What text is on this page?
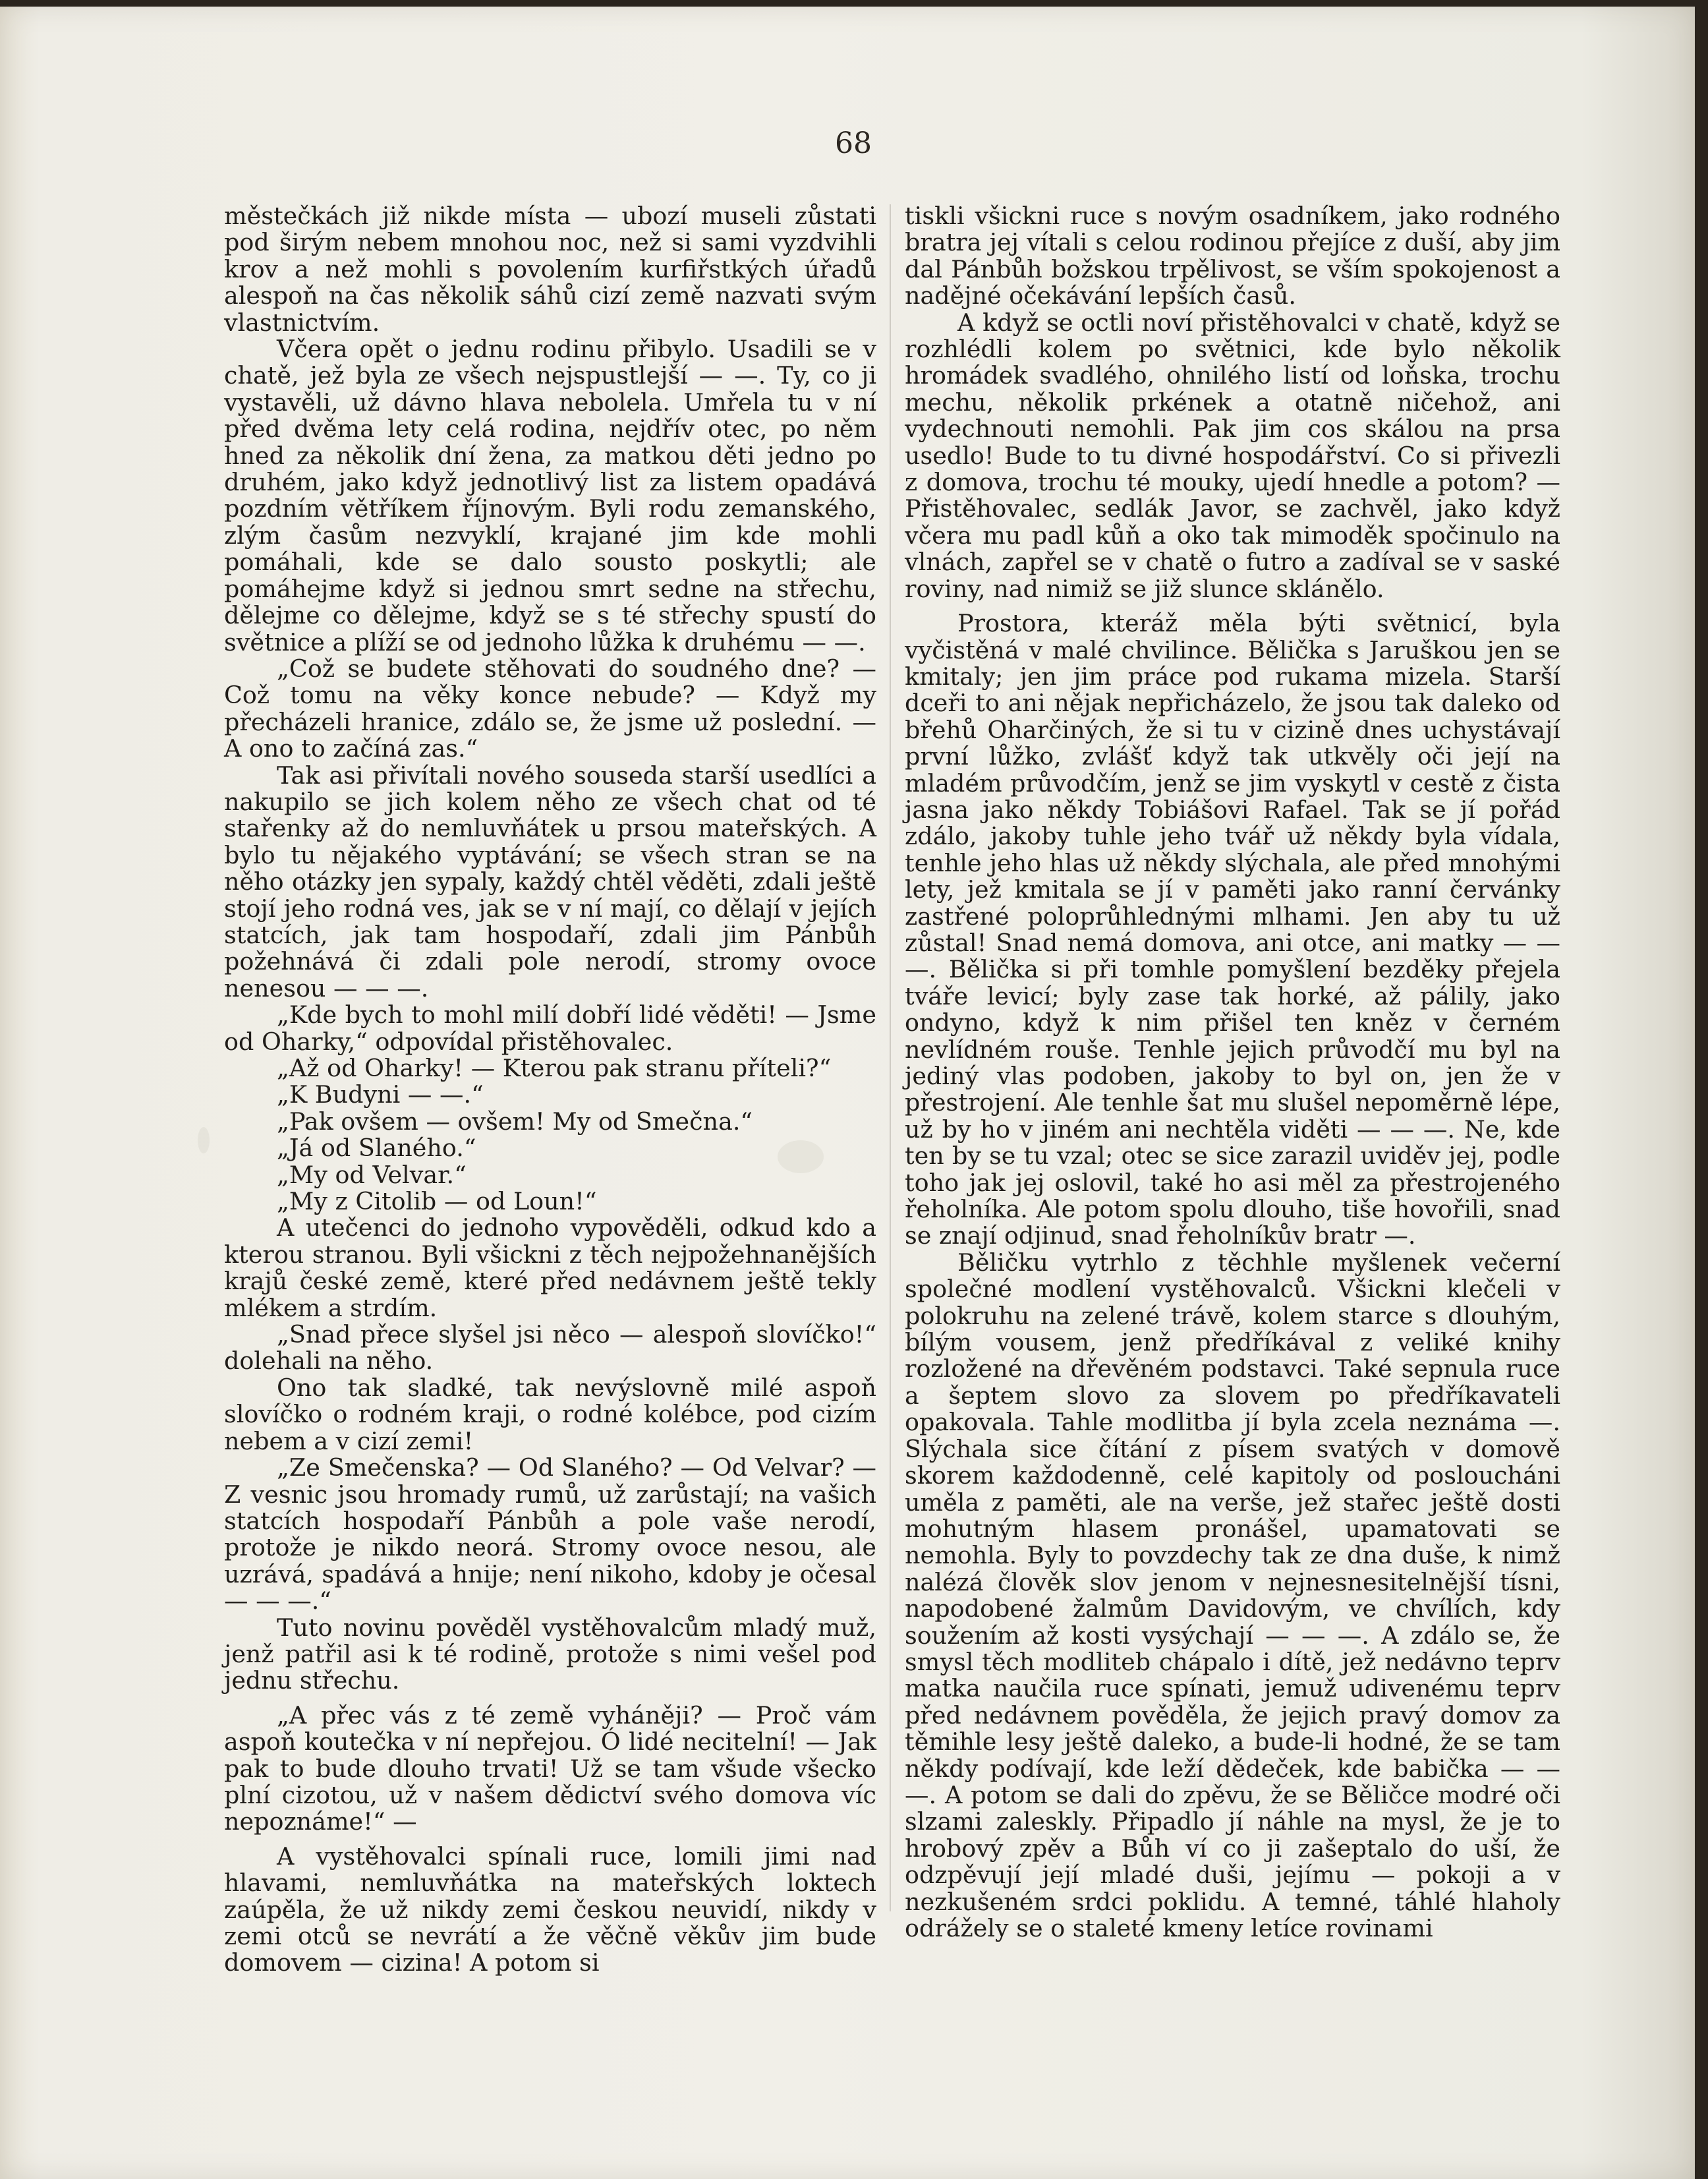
68

městečkách již nikde místa — ubozí museli zůstati pod širým nebem mnohou noc, než si sami vyzdvihli krov a než mohli s povolením kurfiřstkých úřadů alespoň na čas několik sáhů cizí země nazvati svým vlastnictvím.

Včera opět o jednu rodinu přibylo. Usadili se v chatě, jež byla ze všech nejspustlejší — —. Ty, co ji vystavěli, už dávno hlava nebolela. Umřela tu v ní před dvěma lety celá rodina, nejdřív otec, po něm hned za několik dní žena, za matkou děti jedno po druhém, jako když jednotlivý list za listem opadává pozdním větříkem říjnovým. Byli rodu zemanského, zlým časům nezvyklí, krajané jim kde mohli pomáhali, kde se dalo sousto poskytli; ale pomáhejme když si jednou smrt sedne na střechu, dělejme co dělejme, když se s té střechy spustí do světnice a plíží se od jednoho lůžka k druhému — —.

„Což se budete stěhovati do soudného dne? — Což tomu na věky konce nebude? — Když my přecházeli hranice, zdálo se, že jsme už poslední. — A ono to začíná zas.“

Tak asi přivítali nového souseda starší usedlíci a nakupilo se jich kolem něho ze všech chat od té stařenky až do nemluvňátek u prsou mateřských. A bylo tu nějakého vyptávání; se všech stran se na něho otázky jen sypaly, každý chtěl věděti, zdali ještě stojí jeho rodná ves, jak se v ní mají, co dělají v jejích statcích, jak tam hospodaří, zdali jim Pánbůh požehnává či zdali pole nerodí, stromy ovoce nenesou — — —.

„Kde bych to mohl milí dobří lidé věděti! — Jsme od Oharky,“ odpovídal přistěhovalec.

„Až od Oharky! — Kterou pak stranu příteli?“

„K Budyni — —.“

„Pak ovšem — ovšem! My od Smečna.“

„Já od Slaného.“

„My od Velvar.“

„My z Citolib — od Loun!“

A utečenci do jednoho vypověděli, odkud kdo a kterou stranou. Byli všickni z těch nejpožehnanějších krajů české země, které před nedávnem ještě tekly mlékem a strdím.

„Snad přece slyšel jsi něco — alespoň slovíčko!“ dolehali na něho.

Ono tak sladké, tak nevýslovně milé aspoň slovíčko o rodném kraji, o rodné kolébce, pod cizím nebem a v cizí zemi!

„Ze Smečenska? — Od Slaného? — Od Velvar? — Z vesnic jsou hromady rumů, už zarůstají; na vašich statcích hospodaří Pánbůh a pole vaše nerodí, protože je nikdo neorá. Stromy ovoce nesou, ale uzrává, spadává a hnije; není nikoho, kdoby je očesal — — —.“

Tuto novinu pověděl vystěhovalcům mladý muž, jenž patřil asi k té rodině, protože s nimi vešel pod jednu střechu.

„A přec vás z té země vyháněji? — Proč vám aspoň koutečka v ní nepřejou. Ó lidé necitelní! — Jak pak to bude dlouho trvati! Už se tam všude všecko plní cizotou, už v našem dědictví svého domova víc nepoznáme!“ —

A vystěhovalci spínali ruce, lomili jimi nad hlavami, nemluvňátka na mateřských loktech zaúpěla, že už nikdy zemi českou neuvidí, nikdy v zemi otců se nevrátí a že věčně věkův jim bude domovem — cizina! A potom si

tiskli všickni ruce s novým osadníkem, jako rodného bratra jej vítali s celou rodinou přejíce z duší, aby jim dal Pánbůh božskou trpělivost, se vším spokojenost a nadějné očekávání lepších časů.

A když se octli noví přistěhovalci v chatě, když se rozhlédli kolem po světnici, kde bylo několik hromádek svadlého, ohnilého listí od loňska, trochu mechu, několik prkének a otatně ničehož, ani vydechnouti nemohli. Pak jim cos skálou na prsa usedlo! Bude to tu divné hospodářství. Co si přivezli z domova, trochu té mouky, ujedí hnedle a potom? — Přistěhovalec, sedlák Javor, se zachvěl, jako když včera mu padl kůň a oko tak mimoděk spočinulo na vlnách, zapřel se v chatě o futro a zadíval se v saské roviny, nad nimiž se již slunce sklánělo.

Prostora, kteráž měla býti světnicí, byla vyčistěná v malé chvilince. Bělička s Jaruškou jen se kmitaly; jen jim práce pod rukama mizela. Starší dceři to ani nějak nepřicházelo, že jsou tak daleko od břehů Oharčiných, že si tu v cizině dnes uchystávají první lůžko, zvlášť když tak utkvěly oči její na mladém průvodčím, jenž se jim vyskytl v cestě z čista jasna jako někdy Tobiášovi Rafael. Tak se jí pořád zdálo, jakoby tuhle jeho tvář už někdy byla vídala, tenhle jeho hlas už někdy slýchala, ale před mnohými lety, jež kmitala se jí v paměti jako ranní červánky zastřené poloprůhlednými mlhami. Jen aby tu už zůstal! Snad nemá domova, ani otce, ani matky — — —. Bělička si při tomhle pomyšlení bezděky přejela tváře levicí; byly zase tak horké, až pálily, jako ondyno, když k nim přišel ten kněz v černém nevlídném rouše. Tenhle jejich průvodčí mu byl na jediný vlas podoben, jakoby to byl on, jen že v přestrojení. Ale tenhle šat mu slušel nepoměrně lépe, už by ho v jiném ani nechtěla viděti — — —. Ne, kde ten by se tu vzal; otec se sice zarazil uviděv jej, podle toho jak jej oslovil, také ho asi měl za přestrojeného řeholníka. Ale potom spolu dlouho, tiše hovořili, snad se znají odjinud, snad řeholníkův bratr —.

Běličku vytrhlo z těchhle myšlenek večerní společné modlení vystěhovalců. Všickni klečeli v polokruhu na zelené trávě, kolem starce s dlouhým, bílým vousem, jenž předříkával z veliké knihy rozložené na dřevěném podstavci. Také sepnula ruce a šeptem slovo za slovem po předříkavateli opakovala. Tahle modlitba jí byla zcela neznáma —. Slýchala sice čítání z písem svatých v domově skorem každodenně, celé kapitoly od posloucháni uměla z paměti, ale na verše, jež stařec ještě dosti mohutným hlasem pronášel, upamatovati se nemohla. Byly to povzdechy tak ze dna duše, k nimž nalézá člověk slov jenom v nejnesnesitelnější tísni, napodobené žalmům Davidovým, ve chvílích, kdy soužením až kosti vysýchají — — —. A zdálo se, že smysl těch modliteb chápalo i dítě, jež nedávno teprv matka naučila ruce spínati, jemuž udivenému teprv před nedávnem pověděla, že jejich pravý domov za těmihle lesy ještě daleko, a bude-li hodné, že se tam někdy podívají, kde leží dědeček, kde babička — — —. A potom se dali do zpěvu, že se Běličce modré oči slzami zaleskly. Připadlo jí náhle na mysl, že je to hrobový zpěv a Bůh ví co ji zašeptalo do uší, že odzpěvují její mladé duši, jejímu — pokoji a v nezkušeném srdci poklidu. A temné, táhlé hlaholy odrážely se o staleté kmeny letíce rovinami
